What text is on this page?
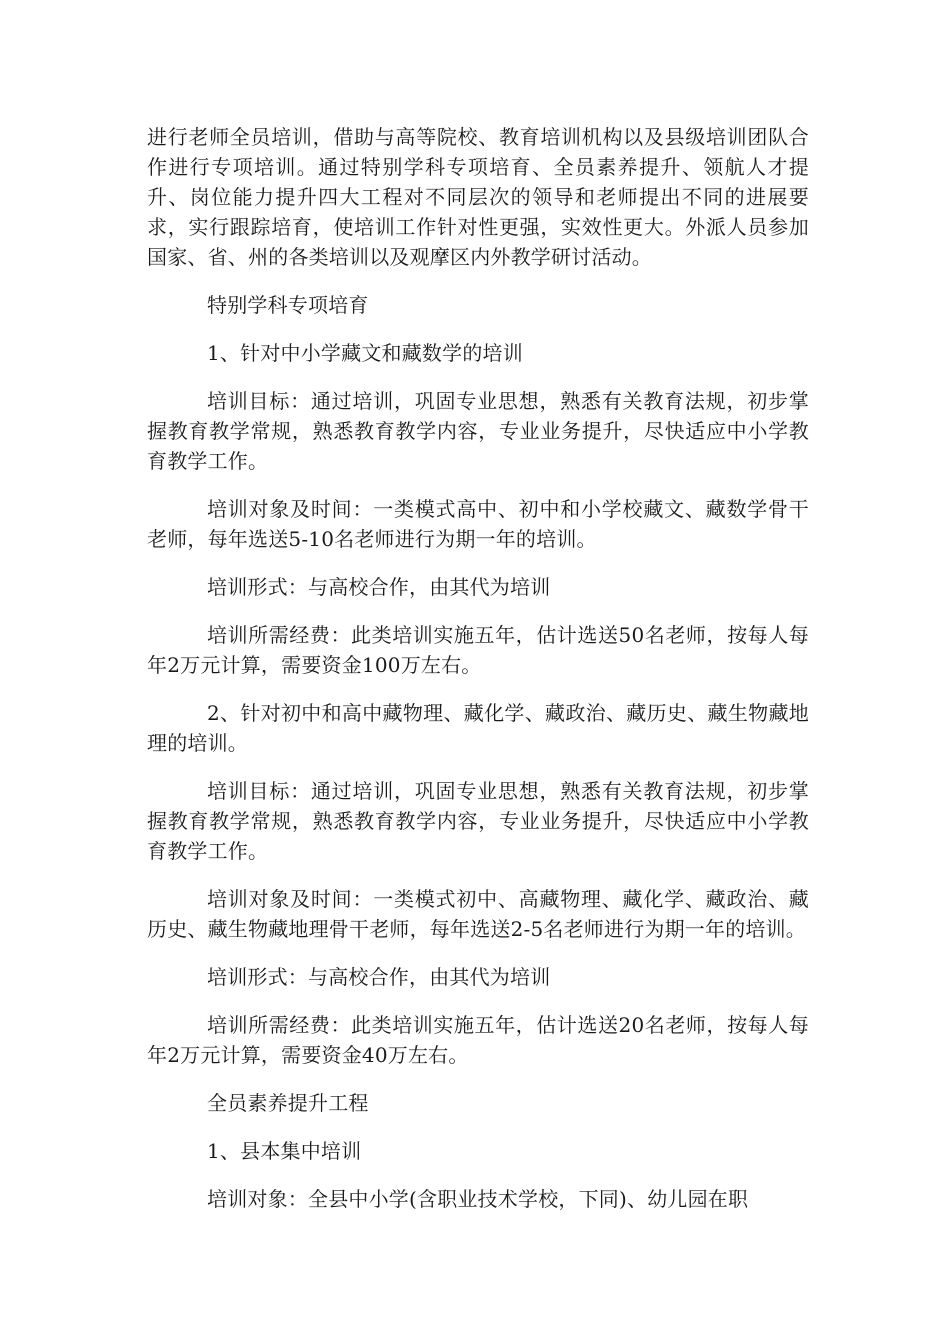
进行老师全员培训，借助与高等院校、教育培训机构以及县级培训团队合作进行专项培训。通过特别学科专项培育、全员素养提升、领航人才提升、岗位能力提升四大工程对不同层次的领导和老师提出不同的进展要求，实行跟踪培育，使培训工作针对性更强，实效性更大。外派人员参加国家、省、州的各类培训以及观摩区内外教学研讨活动。

特别学科专项培育

1、针对中小学藏文和藏数学的培训

培训目标：通过培训，巩固专业思想，熟悉有关教育法规，初步掌握教育教学常规，熟悉教育教学内容，专业业务提升，尽快适应中小学教育教学工作。

培训对象及时间：一类模式高中、初中和小学校藏文、藏数学骨干老师，每年选送5-10名老师进行为期一年的培训。

培训形式：与高校合作，由其代为培训

培训所需经费：此类培训实施五年，估计选送50名老师，按每人每年2万元计算，需要资金100万左右。

2、针对初中和高中藏物理、藏化学、藏政治、藏历史、藏生物藏地理的培训。

培训目标：通过培训，巩固专业思想，熟悉有关教育法规，初步掌握教育教学常规，熟悉教育教学内容，专业业务提升，尽快适应中小学教育教学工作。

培训对象及时间：一类模式初中、高藏物理、藏化学、藏政治、藏历史、藏生物藏地理骨干老师，每年选送2-5名老师进行为期一年的培训。

培训形式：与高校合作，由其代为培训

培训所需经费：此类培训实施五年，估计选送20名老师，按每人每年2万元计算，需要资金40万左右。

全员素养提升工程

1、县本集中培训

培训对象：全县中小学(含职业技术学校，下同)、幼儿园在职
